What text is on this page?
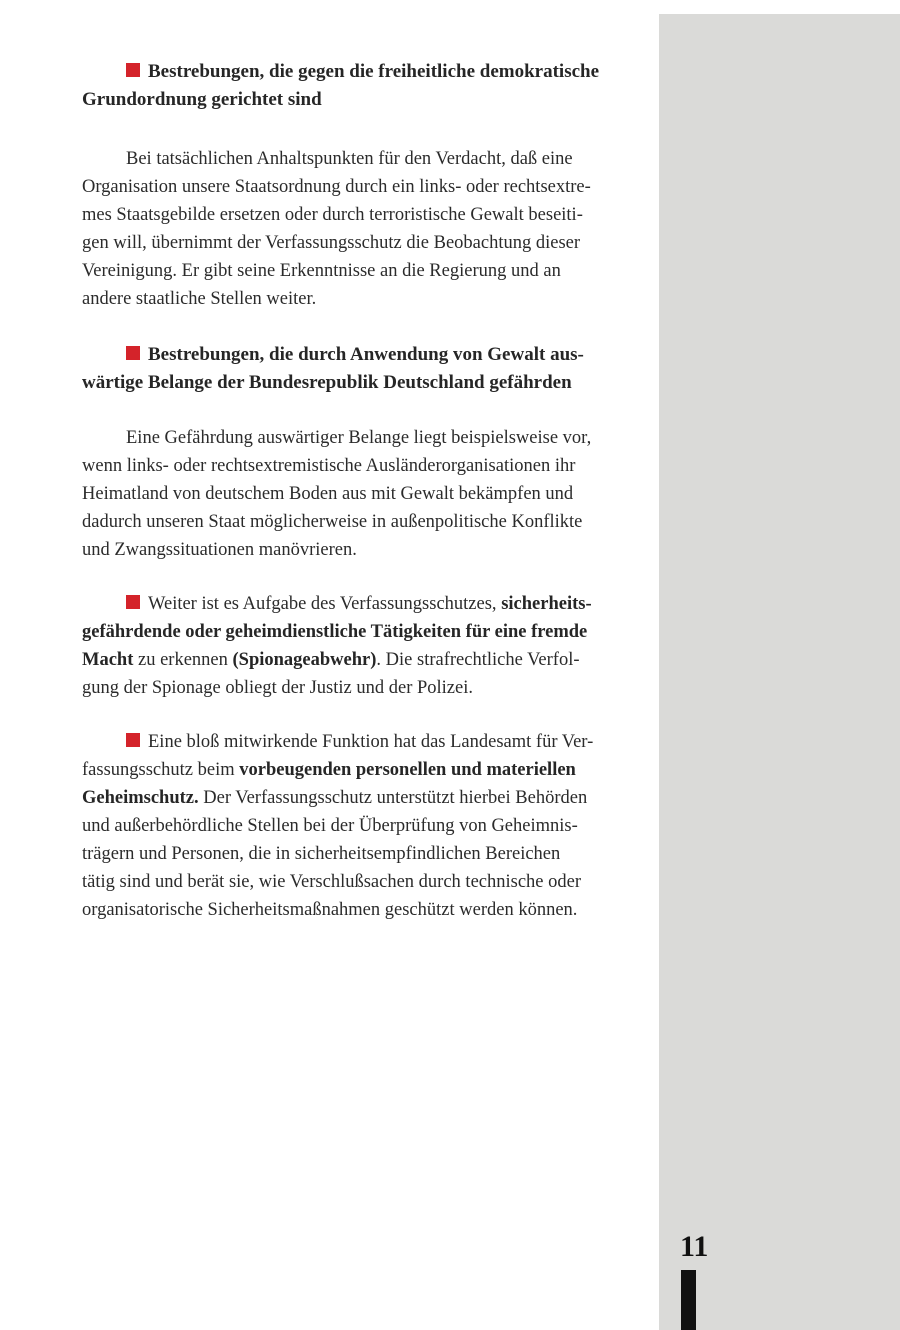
11
Bestrebungen, die gegen die freiheitliche demokratische
Grundordnung gerichtet sind
Bei tatsächlichen Anhaltspunkten für den Verdacht, daß eine
Organisation unsere Staatsordnung durch ein links- oder rechtsextre-
mes Staatsgebilde ersetzen oder durch terroristische Gewalt beseiti-
gen will, übernimmt der Verfassungsschutz die Beobachtung dieser
Vereinigung. Er gibt seine Erkenntnisse an die Regierung und an
andere staatliche Stellen weiter.
Bestrebungen, die durch Anwendung von Gewalt aus-
wärtige Belange der Bundesrepublik Deutschland gefährden
Eine Gefährdung auswärtiger Belange liegt beispielsweise vor,
wenn links- oder rechtsextremistische Ausländerorganisationen ihr
Heimatland von deutschem Boden aus mit Gewalt bekämpfen und
dadurch unseren Staat möglicherweise in außenpolitische Konflikte
und Zwangssituationen manövrieren.
Weiter ist es Aufgabe des Verfassungsschutzes, sicherheits-
gefährdende oder geheimdienstliche Tätigkeiten für eine fremde
Macht zu erkennen (Spionageabwehr). Die strafrechtliche Verfol-
gung der Spionage obliegt der Justiz und der Polizei.
Eine bloß mitwirkende Funktion hat das Landesamt für Ver-
fassungsschutz beim vorbeugenden personellen und materiellen
Geheimschutz. Der Verfassungsschutz unterstützt hierbei Behörden
und außerbehördliche Stellen bei der Überprüfung von Geheimnis-
trägern und Personen, die in sicherheitsempfindlichen Bereichen
tätig sind und berät sie, wie Verschlußsachen durch technische oder
organisatorische Sicherheitsmaßnahmen geschützt werden können.
